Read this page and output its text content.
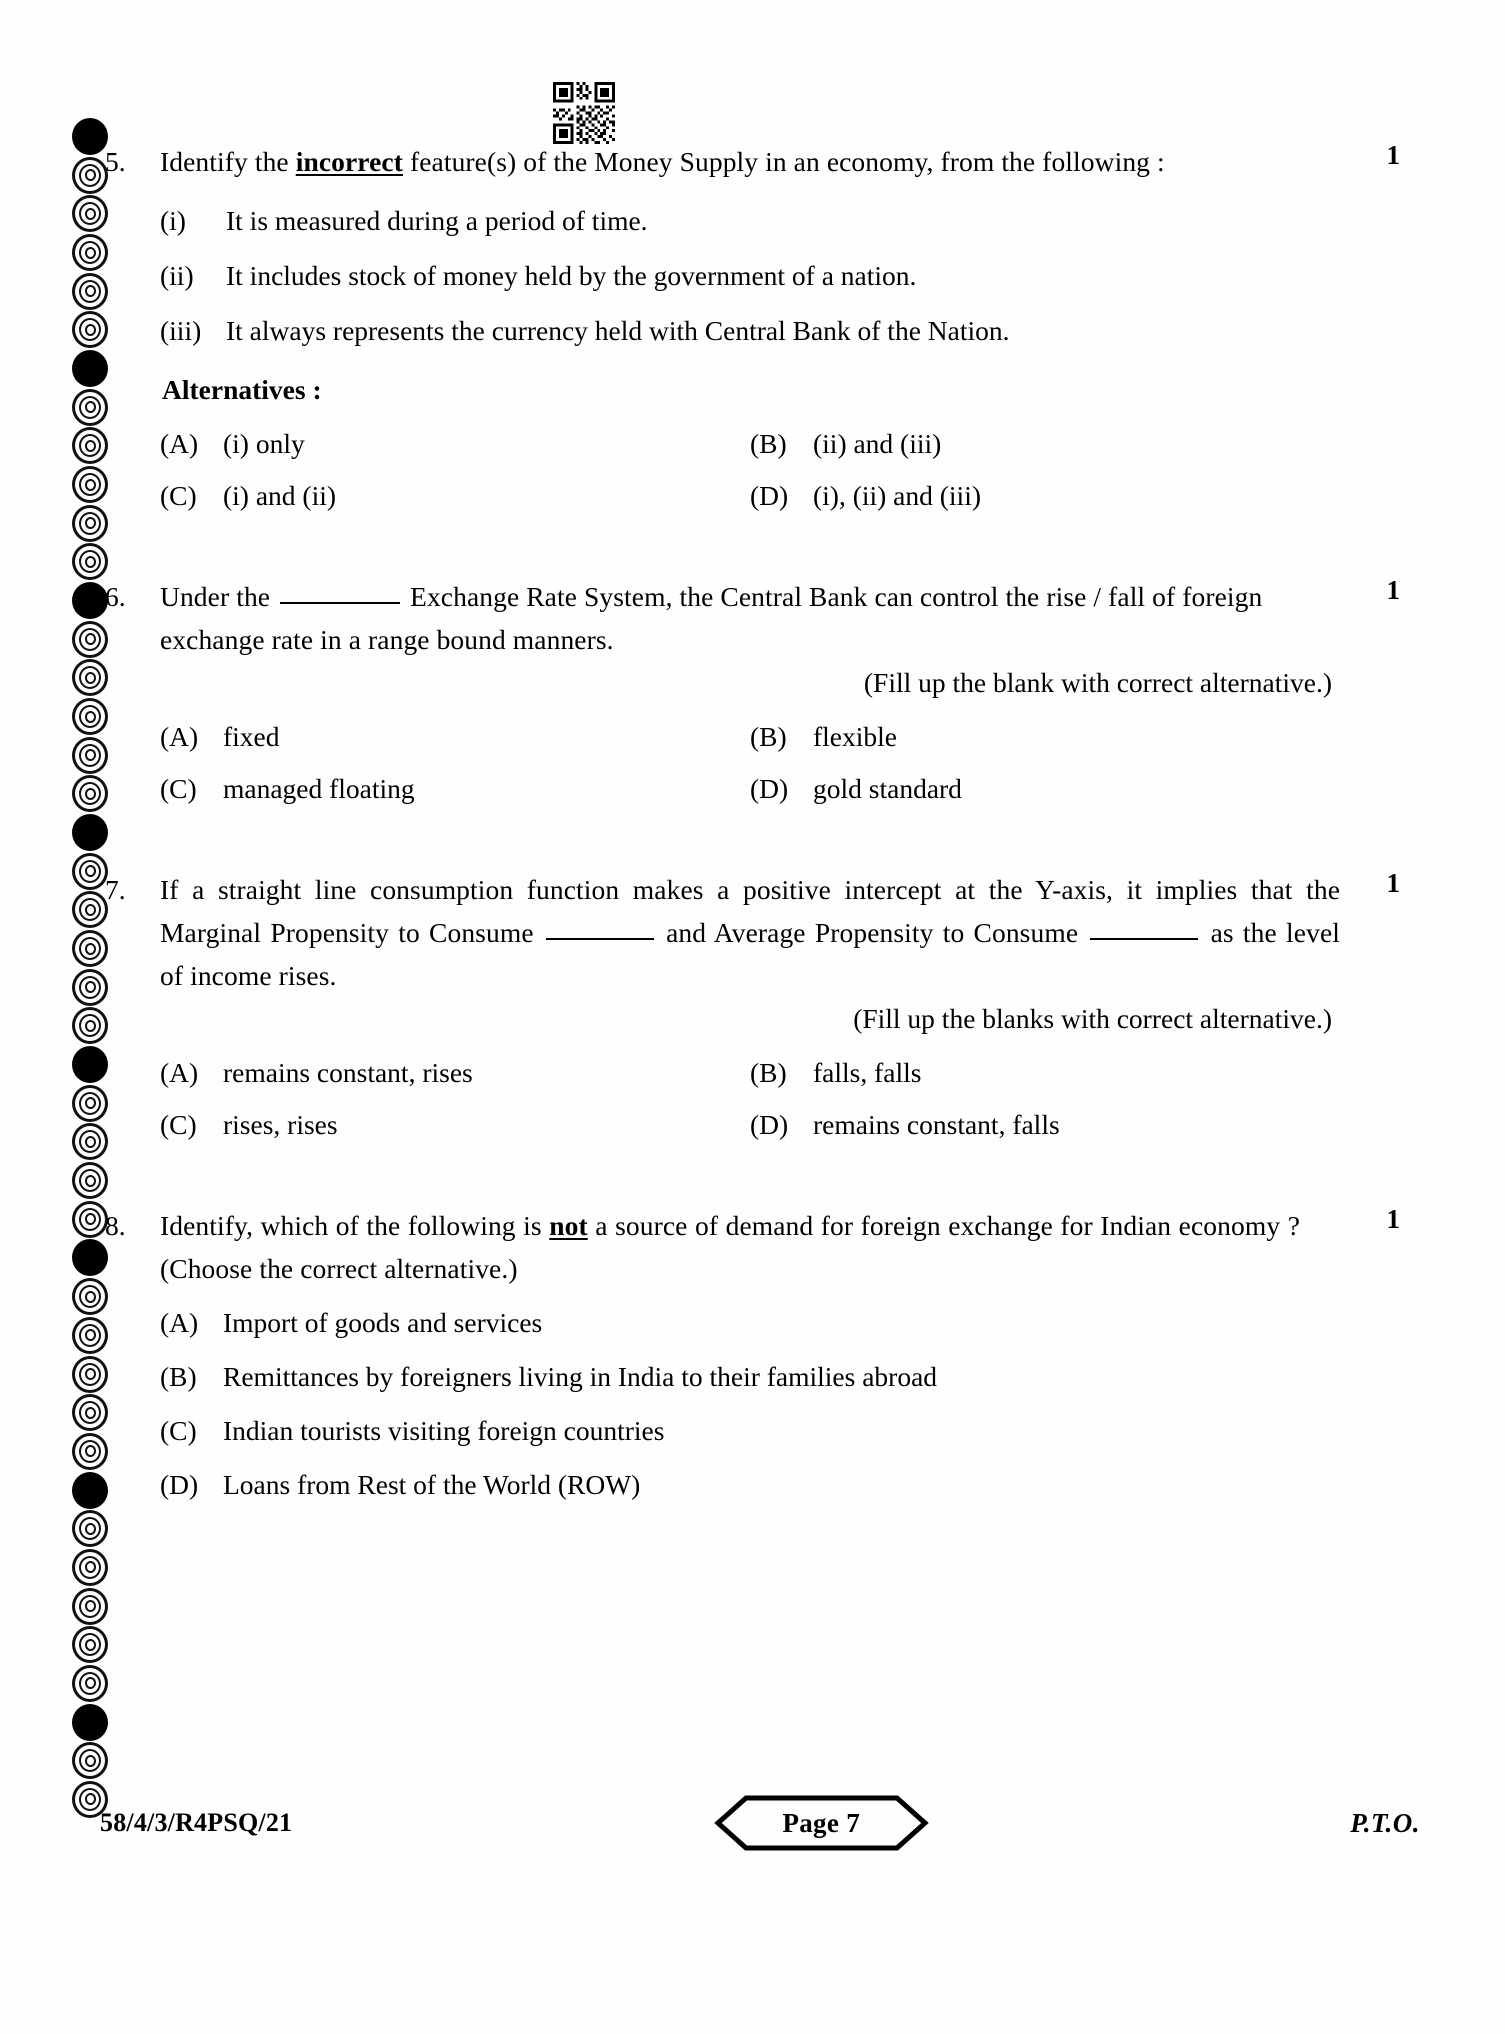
5.	Identify the incorrect feature(s) of the Money Supply in an economy, from the following :	1
(i)	It is measured during a period of time.
(ii)	It includes stock of money held by the government of a nation.
(iii) It always represents the currency held with Central Bank of the Nation.
Alternatives :
(A) (i) only	(B) (ii) and (iii)
(C) (i) and (ii)	(D) (i), (ii) and (iii)
6.	Under the	Exchange Rate System, the Central Bank can control the rise / fall of foreign exchange rate in a range bound manners.
1
(Fill up the blank with correct alternative.)
(A) fixed	(B) flexible
(C) managed floating	(D) gold standard
7.	If a straight line consumption function makes a positive intercept at the Y-axis, it implies that the Marginal Propensity to Consume	and Average Propensity to Consume	as the level of income rises.
1
(Fill up the blanks with correct alternative.)
(A) remains constant, rises	(B) falls, falls
(C) rises, rises	(D) remains constant, falls
8.	Identify, which of the following is not a source of demand for foreign exchange for Indian economy ?(Choose the correct alternative.)
1
(A) Import of goods and services
(B) Remittances by foreigners living in India to their families abroad
(C) Indian tourists visiting foreign countries
(D) Loans from Rest of the World (ROW)
58/4/3/R4PSQ/21	Page 7	P.T.O.
